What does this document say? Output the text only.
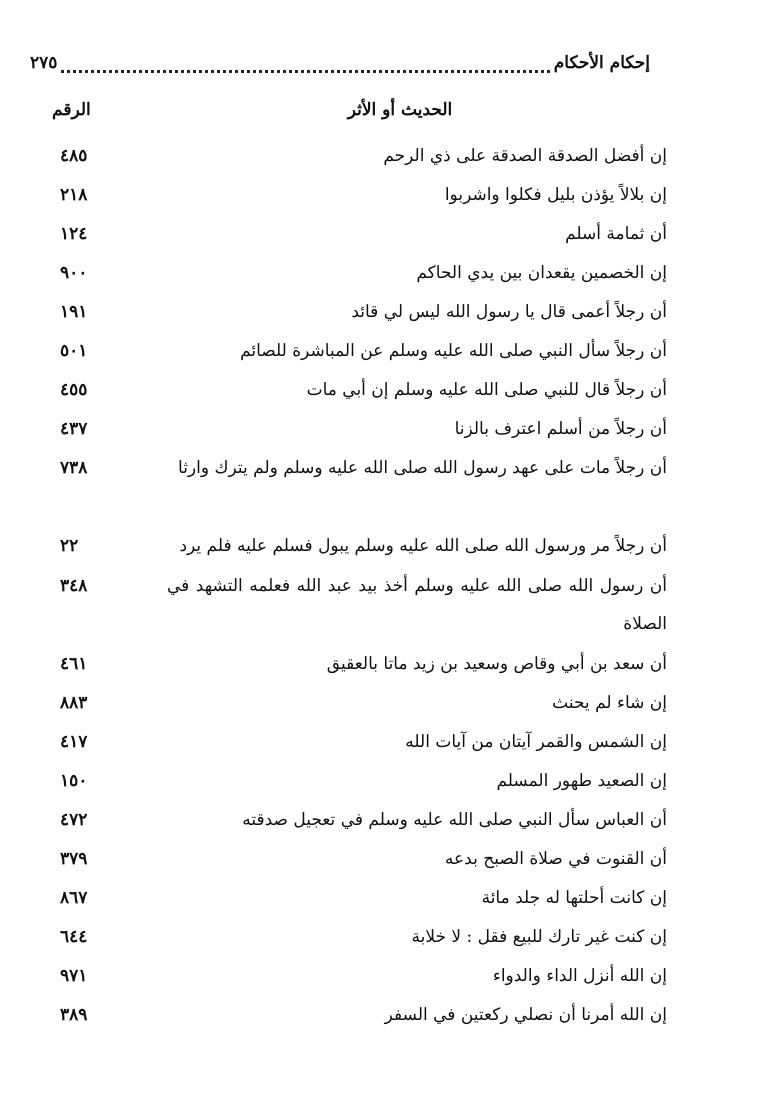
إحكام الأحكام
٢٧٥
الحديث أو الأثر
الرقم
إن أفضل الصدقة الصدقة على ذي الرحم
٤٨٥
إن بلالاً يؤذن بليل فكلوا واشربوا
٢١٨
أن ثمامة أسلم
١٢٤
إن الخصمين يقعدان بين يدي الحاكم
٩٠٠
أن رجلاً أعمى قال يا رسول الله ليس لي قائد
١٩١
أن رجلاً سأل النبي صلى الله عليه وسلم عن المباشرة للصائم
٥٠١
أن رجلاً قال للنبي صلى الله عليه وسلم إن أبي مات
٤٥٥
أن رجلاً من أسلم اعترف بالزنا
٤٣٧
أن رجلاً مات على عهد رسول الله صلى الله عليه وسلم ولم يترك وارثا
٧٣٨
أن رجلاً مر ورسول الله صلى الله عليه وسلم يبول فسلم عليه فلم يرد
٢٢
أن رسول الله صلى الله عليه وسلم أخذ بيد عبد الله فعلمه التشهد في الصلاة
٣٤٨
أن سعد بن أبي وقاص وسعيد بن زيد ماتا بالعقيق
٤٦١
إن شاء لم يحنث
٨٨٣
إن الشمس والقمر آيتان من آيات الله
٤١٧
إن الصعيد طهور المسلم
١٥٠
أن العباس سأل النبي صلى الله عليه وسلم في تعجيل صدقته
٤٧٢
أن القنوت في صلاة الصبح بدعه
٣٧٩
إن كانت أحلتها له جلد مائة
٨٦٧
إن كنت غير تارك للبيع فقل : لا خلابة
٦٤٤
إن الله أنزل الداء والدواء
٩٧١
إن الله أمرنا أن نصلي ركعتين في السفر
٣٨٩
